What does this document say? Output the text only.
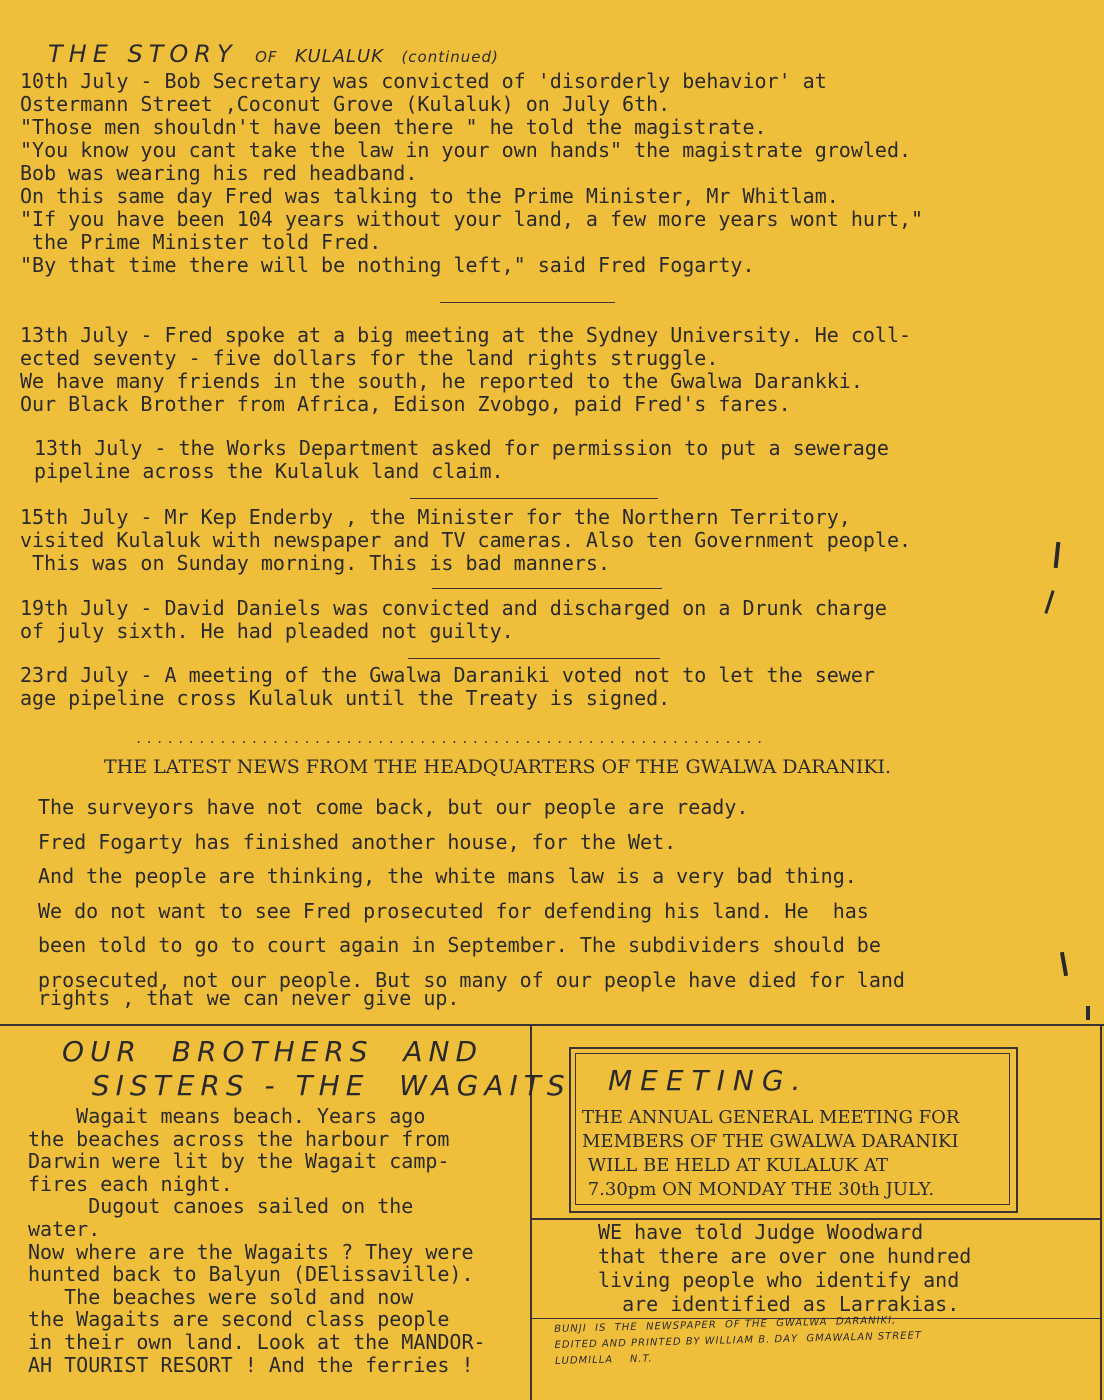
THE STORY OF KULALUK (continued)
10th July - Bob Secretary was convicted of 'disorderly behavior' at
Ostermann Street ,Coconut Grove (Kulaluk) on July 6th.
"Those men shouldn't have been there " he told the magistrate.
"You know you cant take the law in your own hands" the magistrate growled.
Bob was wearing his red headband.
On this same day Fred was talking to the Prime Minister, Mr Whitlam.
"If you have been 104 years without your land, a few more years wont hurt,"
the Prime Minister told Fred.
"By that time there will be nothing left," said Fred Fogarty.
13th July - Fred spoke at a big meeting at the Sydney University. He coll-
ected seventy - five dollars for the land rights struggle.
We have many friends in the south, he reported to the Gwalwa Darankki.
Our Black Brother from Africa, Edison Zvobgo, paid Fred's fares.
13th July - the Works Department asked for permission to put a sewerage
pipeline across the Kulaluk land claim.
15th July - Mr Kep Enderby , the Minister for the Northern Territory,
visited Kulaluk with newspaper and TV cameras. Also ten Government people.
This was on Sunday morning. This is bad manners.
19th July - David Daniels was convicted and discharged on a Drunk charge
of july sixth. He had pleaded not guilty.
23rd July - A meeting of the Gwalwa Daraniki voted not to let the sewer
age pipeline cross Kulaluk until the Treaty is signed.
............................................................
THE LATEST NEWS FROM THE HEADQUARTERS OF THE GWALWA DARANIKI.
The surveyors have not come back, but our people are ready.
Fred Fogarty has finished another house, for the Wet.
And the people are thinking, the white mans law is a very bad thing.
We do not want to see Fred prosecuted for defending his land. He  has
been told to go to court again in September. The subdividers should be
prosecuted, not our people. But so many of our people have died for land
rights , that we can never give up.
OUR  BROTHERS  AND
SISTERS - THE  WAGAITS
Wagait means beach. Years ago
the beaches across the harbour from
Darwin were lit by the Wagait camp-
fires each night.
Dugout canoes sailed on the
water.
Now where are the Wagaits ? They were
hunted back to Balyun (DElissaville).
The beaches were sold and now
the Wagaits are second class people
in their own land. Look at the MANDOR-
AH TOURIST RESORT ! And the ferries !
MEETING.
THE ANNUAL GENERAL MEETING FOR
MEMBERS OF THE GWALWA DARANIKI
WILL BE HELD AT KULALUK AT
7.30pm ON MONDAY THE 30th JULY.
WE have told Judge Woodward
that there are over one hundred
living people who identify and
are identified as Larrakias.
BUNJI  IS  THE  NEWSPAPER  OF THE  GWALWA  DARANIKI,
EDITED AND PRINTED BY WILLIAM B. DAY  GMAWALAN STREET
LUDMILLA    N.T.
